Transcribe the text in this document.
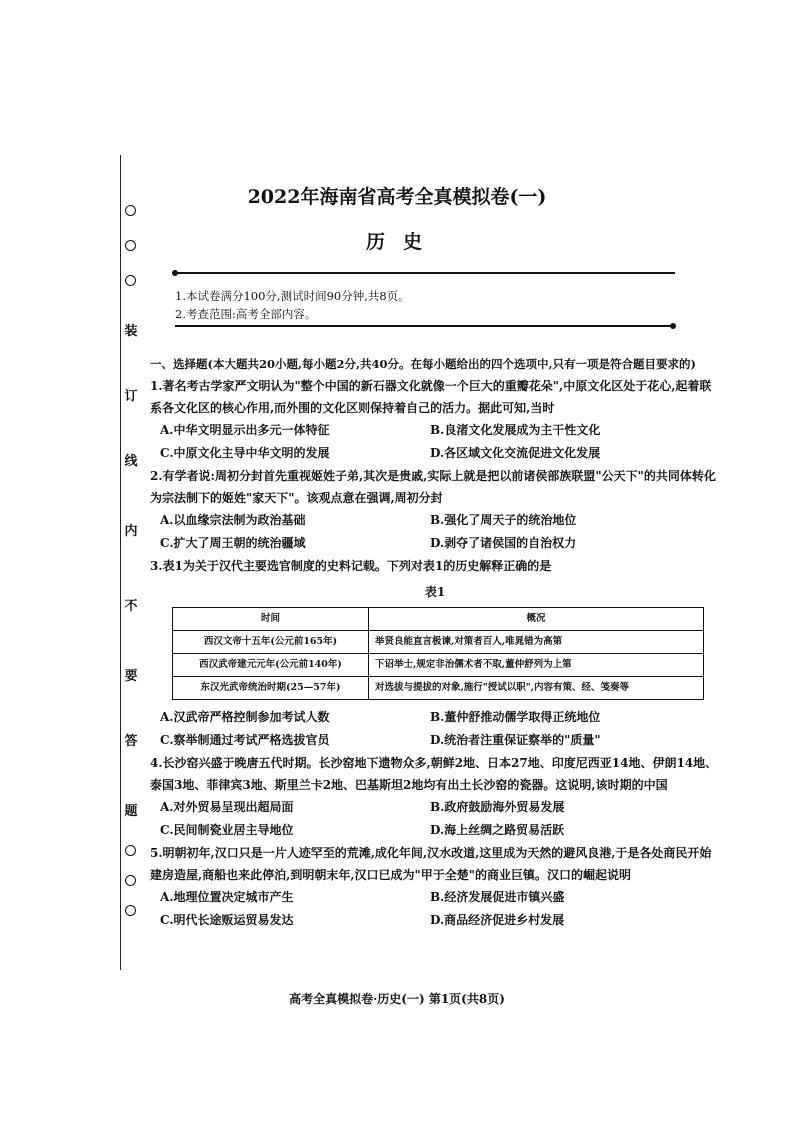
装
订
线
内
不
要
答
题
2022年海南省高考全真模拟卷(一)
历史
1.本试卷满分100分,测试时间90分钟,共8页。
2.考查范围:高考全部内容。
一、选择题(本大题共20小题,每小题2分,共40分。在每小题给出的四个选项中,只有一项是符合题目要求的)
1.著名考古学家严文明认为"整个中国的新石器文化就像一个巨大的重瓣花朵",中原文化区处于花心,起着联系各文化区的核心作用,而外围的文化区则保持着自己的活力。据此可知,当时
A.中华文明显示出多元一体特征	B.良渚文化发展成为主干性文化
C.中原文化主导中华文明的发展	D.各区域文化交流促进文化发展
2.有学者说:周初分封首先重视姬姓子弟,其次是贵戚,实际上就是把以前诸侯部族联盟"公天下"的共同体转化为宗法制下的姬姓"家天下"。该观点意在强调,周初分封
A.以血缘宗法制为政治基础	B.强化了周天子的统治地位
C.扩大了周王朝的统治疆域	D.剥夺了诸侯国的自治权力
3.表1为关于汉代主要选官制度的史料记载。下列对表1的历史解释正确的是
表1
时间	概况
西汉文帝十五年(公元前165年)	举贤良能直言极谏,对策者百人,唯晁错为高第
西汉武帝建元元年(公元前140年)	下诏举士,规定非治儒术者不取,董仲舒列为上第
东汉光武帝统治时期(25—57年)	对选拔与提拔的对象,施行"授试以职",内容有策、经、笺奏等
A.汉武帝严格控制参加考试人数	B.董仲舒推动儒学取得正统地位
C.察举制通过考试严格选拔官员	D.统治者注重保证察举的"质量"
4.长沙窑兴盛于晚唐五代时期。长沙窑地下遗物众多,朝鲜2地、日本27地、印度尼西亚14地、伊朗14地、泰国3地、菲律宾3地、斯里兰卡2地、巴基斯坦2地均有出土长沙窑的瓷器。这说明,该时期的中国
A.对外贸易呈现出超局面	B.政府鼓励海外贸易发展
C.民间制瓷业居主导地位	D.海上丝绸之路贸易活跃
5.明朝初年,汉口只是一片人迹罕至的荒滩,成化年间,汉水改道,这里成为天然的避风良港,于是各处商民开始建房造屋,商船也来此停泊,到明朝末年,汉口已成为"甲于全楚"的商业巨镇。汉口的崛起说明
A.地理位置决定城市产生	B.经济发展促进市镇兴盛
C.明代长途贩运贸易发达	D.商品经济促进乡村发展
高考全真模拟卷·历史(一) 第1页(共8页)
